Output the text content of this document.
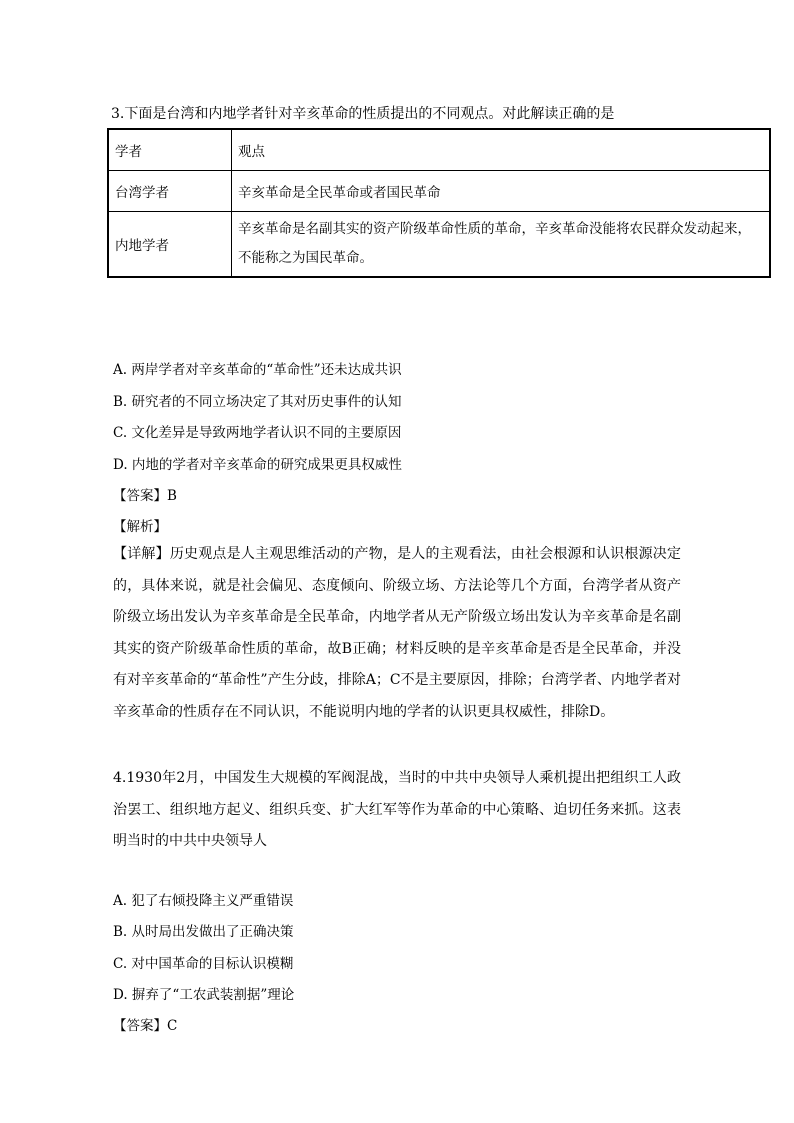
3.下面是台湾和内地学者针对辛亥革命的性质提出的不同观点。对此解读正确的是
学者	观点
台湾学者	辛亥革命是全民革命或者国民革命
内地学者	辛亥革命是名副其实的资产阶级革命性质的革命，辛亥革命没能将农民群众发动起来，不能称之为国民革命。
A. 两岸学者对辛亥革命的“革命性”还未达成共识
B. 研究者的不同立场决定了其对历史事件的认知
C. 文化差异是导致两地学者认识不同的主要原因
D. 内地的学者对辛亥革命的研究成果更具权威性
【答案】B
【解析】
【详解】历史观点是人主观思维活动的产物，是人的主观看法，由社会根源和认识根源决定的，具体来说，就是社会偏见、态度倾向、阶级立场、方法论等几个方面，台湾学者从资产阶级立场出发认为辛亥革命是全民革命，内地学者从无产阶级立场出发认为辛亥革命是名副其实的资产阶级革命性质的革命，故B正确；材料反映的是辛亥革命是否是全民革命，并没有对辛亥革命的“革命性”产生分歧，排除A；C不是主要原因，排除；台湾学者、内地学者对辛亥革命的性质存在不同认识，不能说明内地的学者的认识更具权威性，排除D。
4.1930年2月，中国发生大规模的军阀混战，当时的中共中央领导人乘机提出把组织工人政治罢工、组织地方起义、组织兵变、扩大红军等作为革命的中心策略、迫切任务来抓。这表明当时的中共中央领导人
A. 犯了右倾投降主义严重错误
B. 从时局出发做出了正确决策
C. 对中国革命的目标认识模糊
D. 摒弃了“工农武装割据”理论
【答案】C
